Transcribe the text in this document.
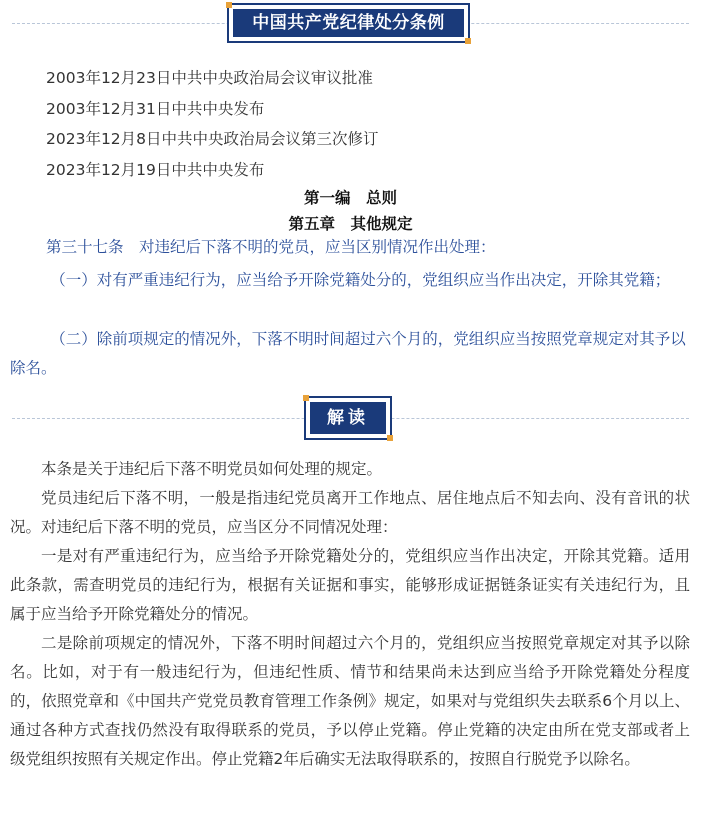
中国共产党纪律处分条例
2003年12月23日中共中央政治局会议审议批准
2003年12月31日中共中央发布
2023年12月8日中共中央政治局会议第三次修订
2023年12月19日中共中央发布
第一编　总则
第五章　其他规定
第三十七条　对违纪后下落不明的党员，应当区别情况作出处理：
（一）对有严重违纪行为，应当给予开除党籍处分的，党组织应当作出决定，开除其党籍；
（二）除前项规定的情况外，下落不明时间超过六个月的，党组织应当按照党章规定对其予以除名。
解读

本条是关于违纪后下落不明党员如何处理的规定。

党员违纪后下落不明，一般是指违纪党员离开工作地点、居住地点后不知去向、没有音讯的状况。对违纪后下落不明的党员，应当区分不同情况处理：

一是对有严重违纪行为，应当给予开除党籍处分的，党组织应当作出决定，开除其党籍。适用此条款，需查明党员的违纪行为，根据有关证据和事实，能够形成证据链条证实有关违纪行为，且属于应当给予开除党籍处分的情况。

二是除前项规定的情况外，下落不明时间超过六个月的，党组织应当按照党章规定对其予以除名。比如，对于有一般违纪行为，但违纪性质、情节和结果尚未达到应当给予开除党籍处分程度的，依照党章和《中国共产党党员教育管理工作条例》规定，如果对与党组织失去联系6个月以上、通过各种方式查找仍然没有取得联系的党员，予以停止党籍。停止党籍的决定由所在党支部或者上级党组织按照有关规定作出。停止党籍2年后确实无法取得联系的，按照自行脱党予以除名。
